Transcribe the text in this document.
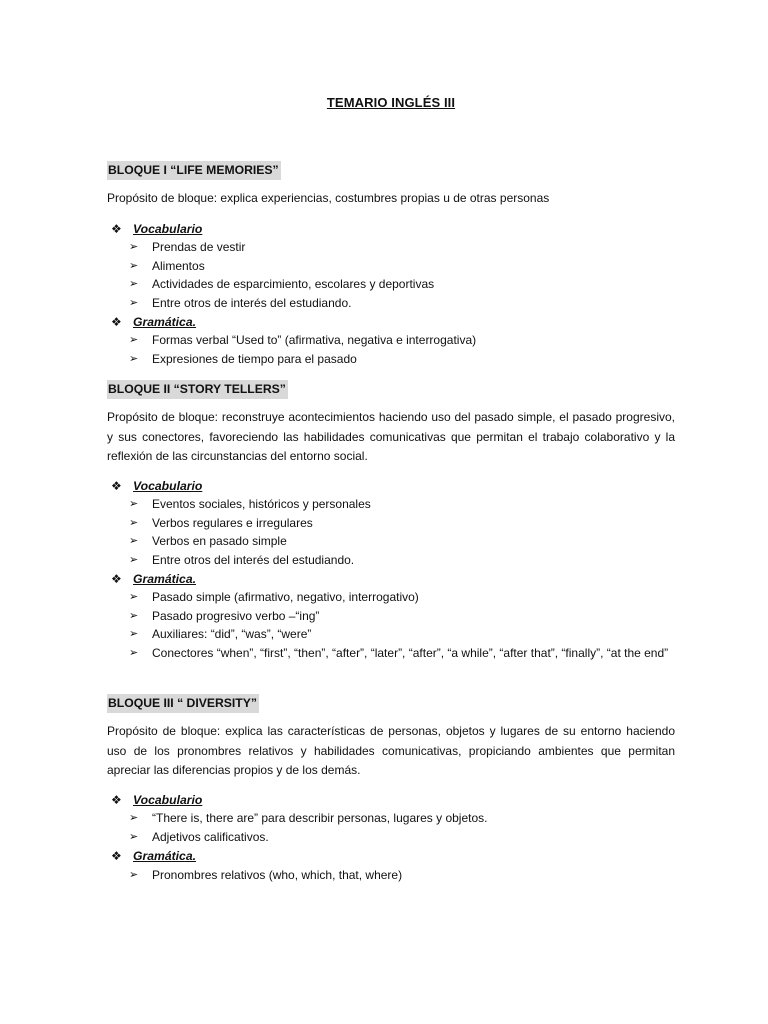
TEMARIO INGLÉS III
BLOQUE I “LIFE MEMORIES”
Propósito de bloque: explica experiencias, costumbres propias u de otras personas
❖ Vocabulario
➢ Prendas de vestir
➢ Alimentos
➢ Actividades de esparcimiento, escolares y deportivas
➢ Entre otros de interés del estudiando.
❖ Gramática.
➢ Formas verbal “Used to” (afirmativa, negativa e interrogativa)
➢ Expresiones de tiempo para el pasado
BLOQUE II “STORY TELLERS”
Propósito de bloque: reconstruye acontecimientos haciendo uso del pasado simple, el pasado progresivo, y sus conectores, favoreciendo las habilidades comunicativas que permitan el trabajo colaborativo y la reflexión de las circunstancias del entorno social.
❖ Vocabulario
➢ Eventos sociales, históricos y personales
➢ Verbos regulares e irregulares
➢ Verbos en pasado simple
➢ Entre otros del interés del estudiando.
❖ Gramática.
➢ Pasado simple (afirmativo, negativo, interrogativo)
➢ Pasado progresivo verbo –“ing”
➢ Auxiliares: “did”, “was”, “were”
➢ Conectores “when”, “first”, “then”, “after”, “later”, “after”, “a while”, “after that”, “finally”, “at the end”
BLOQUE III “ DIVERSITY”
Propósito de bloque: explica las características de personas, objetos y lugares de su entorno haciendo uso de los pronombres relativos y habilidades comunicativas, propiciando ambientes que permitan apreciar las diferencias propios y de los demás.
❖ Vocabulario
➢ “There is, there are” para describir personas, lugares y objetos.
➢ Adjetivos calificativos.
❖ Gramática.
➢ Pronombres relativos (who, which, that, where)
